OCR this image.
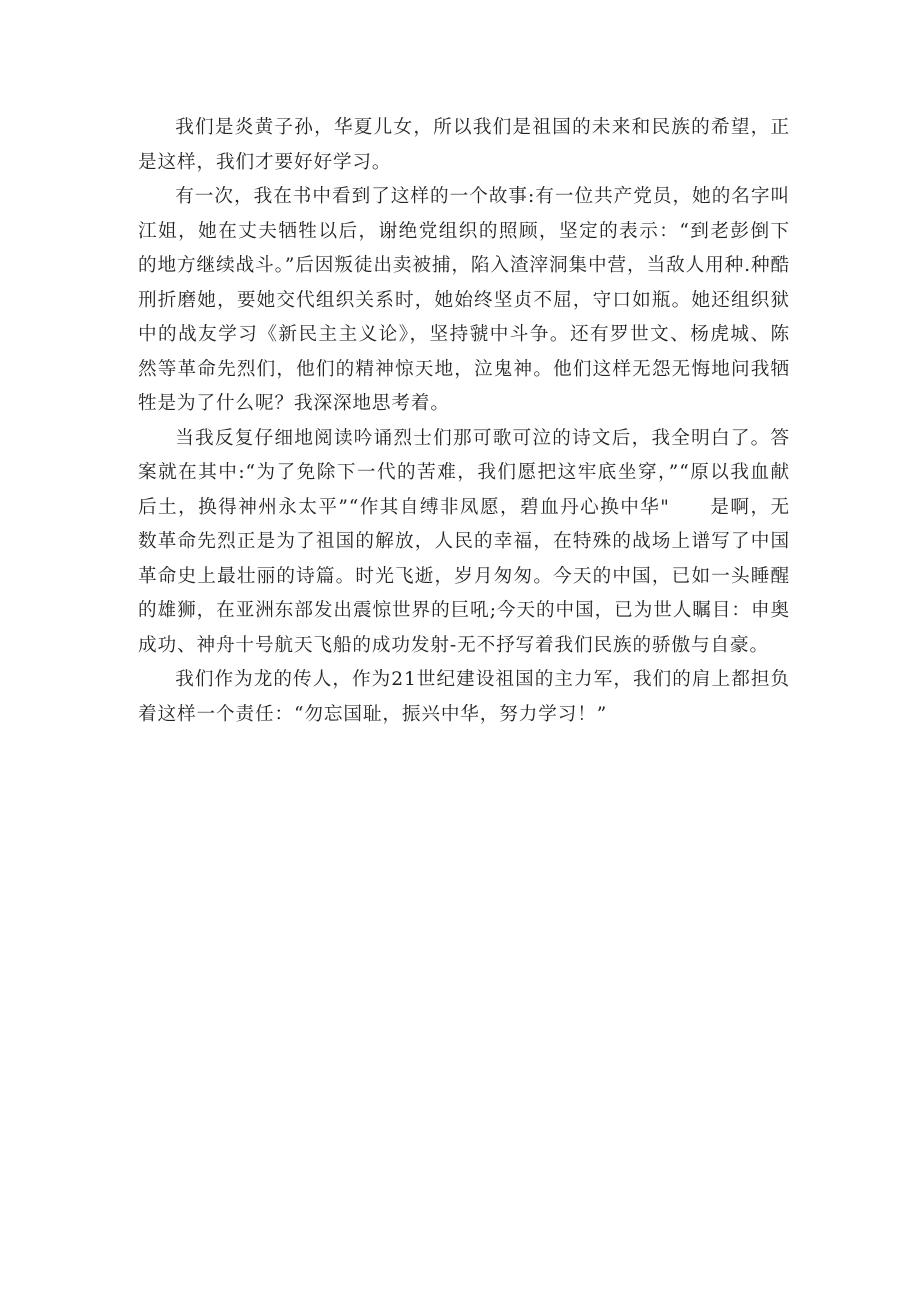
我们是炎黄子孙，华夏儿女，所以我们是祖国的未来和民族的希望，正是这样，我们才要好好学习。

有一次，我在书中看到了这样的一个故事:有一位共产党员，她的名字叫江姐，她在丈夫牺牲以后，谢绝党组织的照顾，坚定的表示：“到老彭倒下的地方继续战斗。”后因叛徒出卖被捕，陷入渣滓洞集中营，当敌人用种.种酷刑折磨她，要她交代组织关系时，她始终坚贞不屈，守口如瓶。她还组织狱中的战友学习《新民主主义论》，坚持虢中斗争。还有罗世文、杨虎城、陈然等革命先烈们，他们的精神惊天地，泣鬼神。他们这样无怨无悔地问我牺牲是为了什么呢？我深深地思考着。

当我反复仔细地阅读吟诵烈士们那可歌可泣的诗文后，我全明白了。答案就在其中:“为了免除下一代的苦难，我们愿把这牢底坐穿，”“原以我血献后土，换得神州永太平”“作其自缚非凤愿，碧血丹心换中华"　　是啊，无数革命先烈正是为了祖国的解放，人民的幸福，在特殊的战场上谱写了中国革命史上最壮丽的诗篇。时光飞逝，岁月匆匆。今天的中国，已如一头睡醒的雄狮，在亚洲东部发出震惊世界的巨吼;今天的中国，已为世人瞩目：申奥成功、神舟十号航天飞船的成功发射-无不抒写着我们民族的骄傲与自豪。

我们作为龙的传人，作为21世纪建设祖国的主力军，我们的肩上都担负着这样一个责任：“勿忘国耻，振兴中华，努力学习！”
